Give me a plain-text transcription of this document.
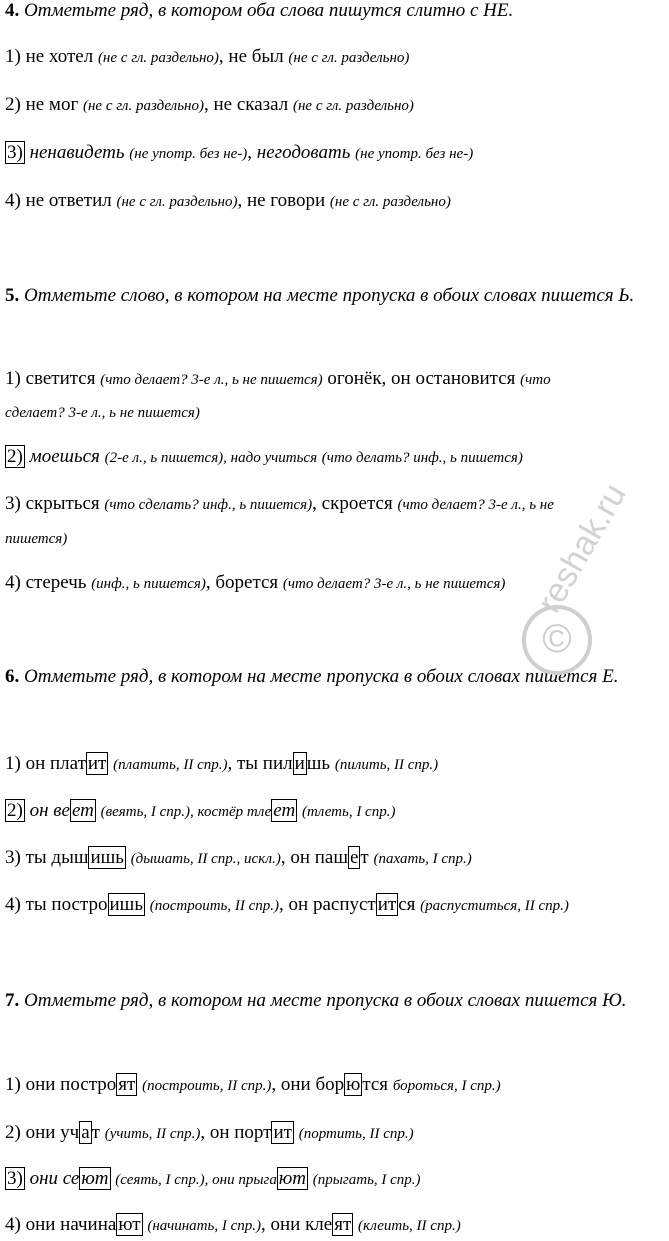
4. Отметьте ряд, в котором оба слова пишутся слитно с НЕ.
1) не хотел (не с гл. раздельно), не был (не с гл. раздельно)
2) не мог (не с гл. раздельно), не сказал (не с гл. раздельно)
3) ненавидеть (не употр. без не-), негодовать (не употр. без не-)
4) не ответил (не с гл. раздельно), не говори (не с гл. раздельно)
5. Отметьте слово, в котором на месте пропуска в обоих словах пишется Ь.
1) светится (что делает? 3-е л., ь не пишется) огонёк, он остановится (что
сделает? 3-е л., ь не пишется)
2) моешься (2-е л., ь пишется), надо учиться (что делать? инф., ь пишется)
3) скрыться (что сделать? инф., ь пишется), скроется (что делает? 3-е л., ь не
пишется)
4) стеречь (инф., ь пишется), борется (что делает? 3-е л., ь не пишется)
6. Отметьте ряд, в котором на месте пропуска в обоих словах пишется Е.
1) он плат ит (платить, II спр.), ты пил и шь (пилить, II спр.)
2) он ве ет (веять, I спр.), костёр тле ет (тлеть, I спр.)
3) ты дыш ишь (дышать, II спр., искл.), он паш е т (пахать, I спр.)
4) ты постро ишь (построить, II спр.), он распуст ит ся (распуститься, II спр.)
7. Отметьте ряд, в котором на месте пропуска в обоих словах пишется Ю.
1) они постро ят (построить, II спр.), они бор ю тся бороться, I спр.)
2) они уч а т (учить, II спр.), он порт ит (портить, II спр.)
3) они се ют (сеять, I спр.), они прыга ют (прыгать, I спр.)
4) они начина ют (начинать, I спр.), они кле ят (клеить, II спр.)
reshak.ru
©
